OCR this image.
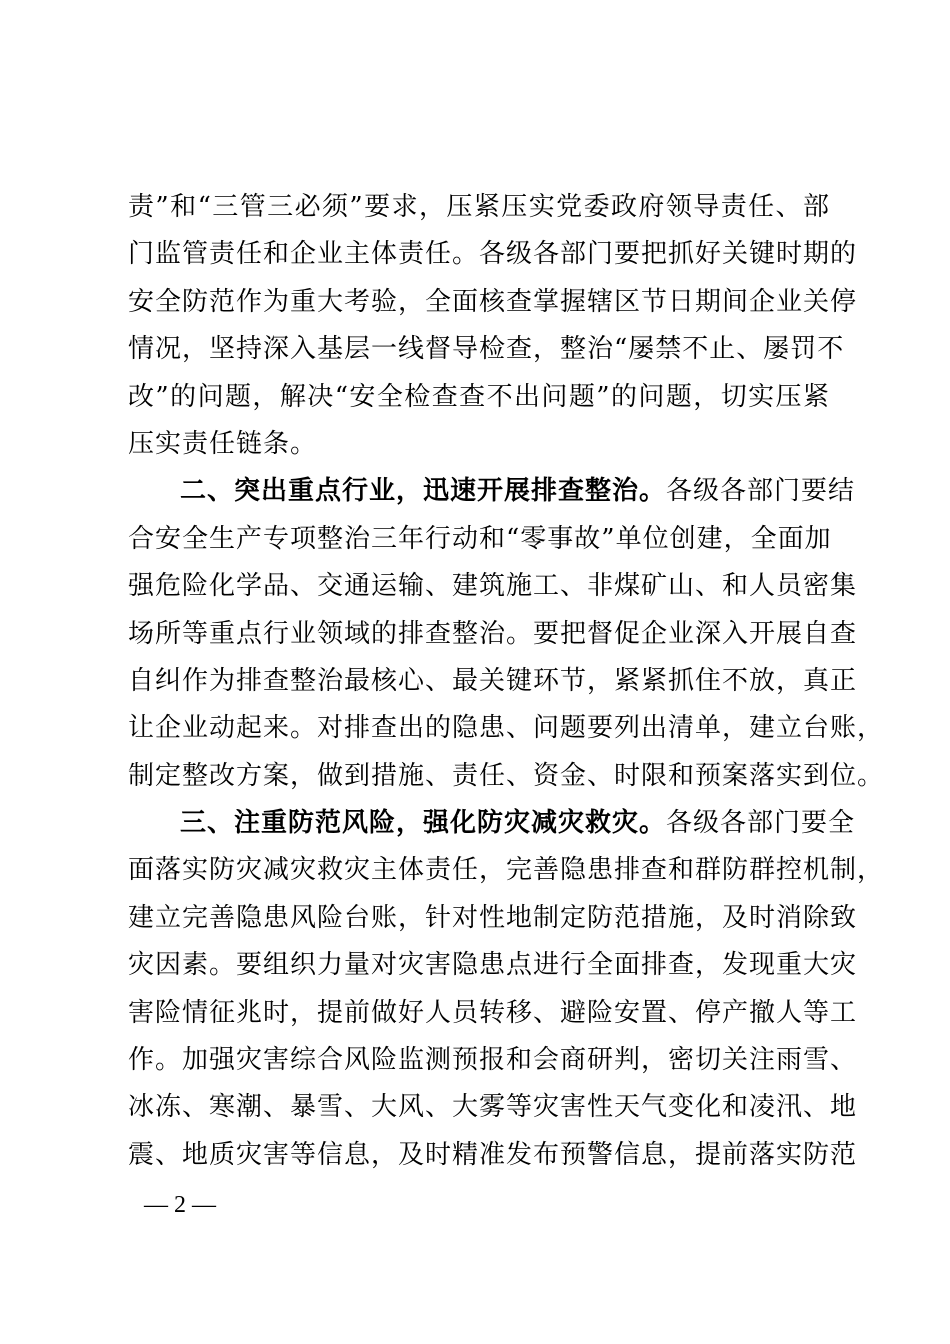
责”和“三管三必须”要求，压紧压实党委政府领导责任、部
门监管责任和企业主体责任。各级各部门要把抓好关键时期的
安全防范作为重大考验，全面核查掌握辖区节日期间企业关停
情况，坚持深入基层一线督导检查，整治“屡禁不止、屡罚不
改”的问题，解决“安全检查查不出问题”的问题，切实压紧
压实责任链条。
二、突出重点行业，迅速开展排查整治。各级各部门要结
合安全生产专项整治三年行动和“零事故”单位创建，全面加
强危险化学品、交通运输、建筑施工、非煤矿山、和人员密集
场所等重点行业领域的排查整治。要把督促企业深入开展自查
自纠作为排查整治最核心、最关键环节，紧紧抓住不放，真正
让企业动起来。对排查出的隐患、问题要列出清单，建立台账，
制定整改方案，做到措施、责任、资金、时限和预案落实到位。
三、注重防范风险，强化防灾减灾救灾。各级各部门要全
面落实防灾减灾救灾主体责任，完善隐患排查和群防群控机制，
建立完善隐患风险台账，针对性地制定防范措施，及时消除致
灾因素。要组织力量对灾害隐患点进行全面排查，发现重大灾
害险情征兆时，提前做好人员转移、避险安置、停产撤人等工
作。加强灾害综合风险监测预报和会商研判，密切关注雨雪、
冰冻、寒潮、暴雪、大风、大雾等灾害性天气变化和凌汛、地
震、地质灾害等信息，及时精准发布预警信息，提前落实防范
— 2 —
